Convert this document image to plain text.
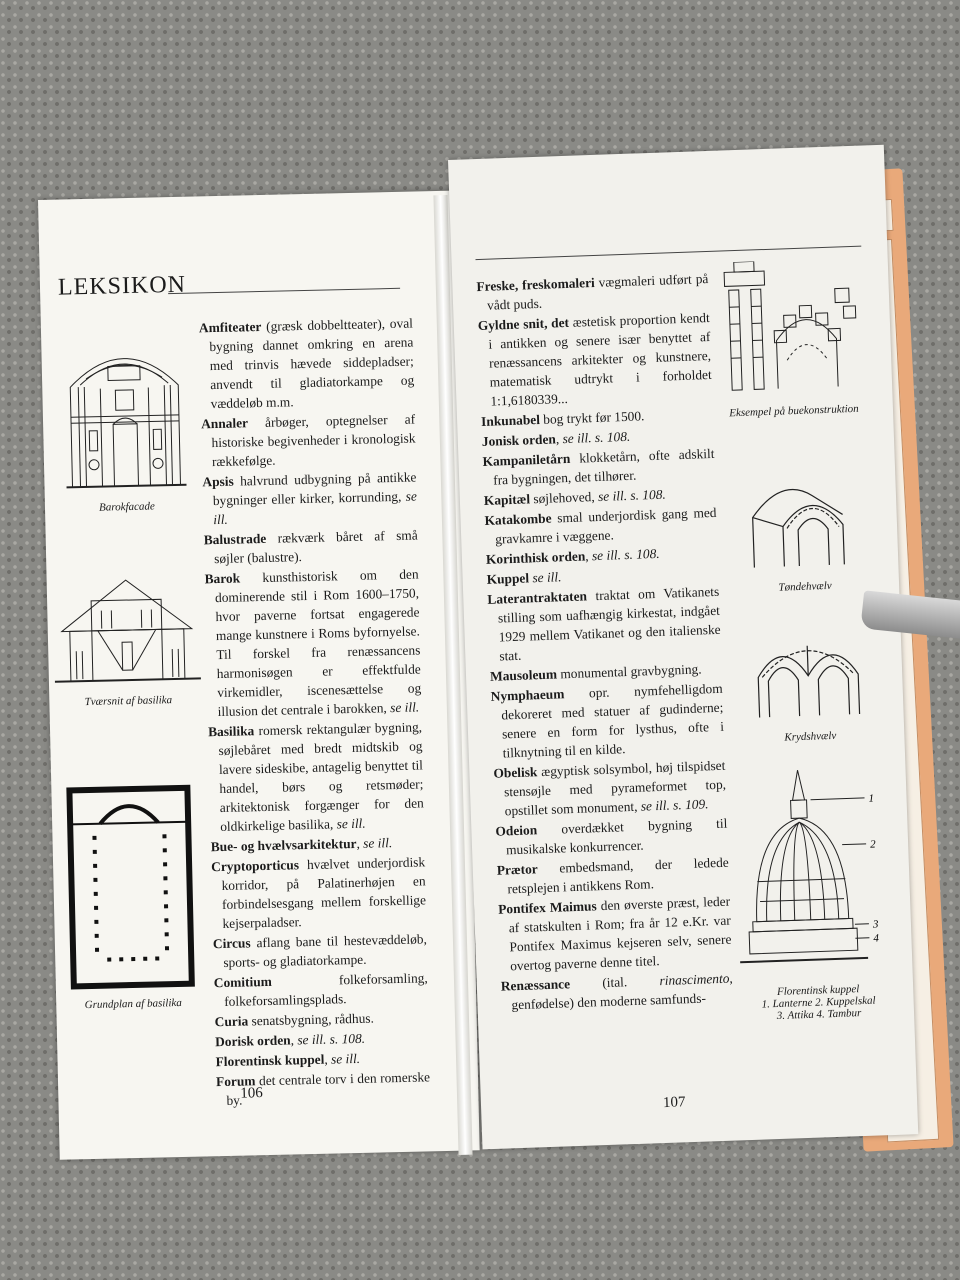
LEKSIKON
Barokfacade
Tværsnit af basilika
Grundplan af basilika

Amfiteater (græsk dobbeltteater), oval bygning dannet omkring en arena med trinvis hævede siddepladser; anvendt til gladiatorkampe og væddeløb m.m.

Annaler årbøger, optegnelser af historiske begivenheder i kronologisk rækkefølge.

Apsis halvrund udbygning på antikke bygninger eller kirker, korrunding, se ill.

Balustrade rækværk båret af små søjler (balustre).

Barok kunsthistorisk om den dominerende stil i Rom 1600–1750, hvor paverne fortsat engagerede mange kunstnere i Roms byfornyelse. Til forskel fra renæssancens harmonisøgen er effektfulde virkemidler, iscenesættelse og illusion det centrale i barokken, se ill.

Basilika romersk rektangulær bygning, søjlebåret med bredt midtskib og lavere sideskibe, antagelig benyttet til handel, børs og retsmøder; arkitektonisk forgænger for den oldkirkelige basilika, se ill.

Bue- og hvælvsarkitektur, se ill.

Cryptoporticus hvælvet underjordisk korridor, på Palatinerhøjen en forbindelsesgang mellem forskellige kejserpaladser.

Circus aflang bane til hestevæddeløb, sports- og gladiatorkampe.

Comitium folkeforsamling, folkeforsamlingsplads.

Curia senatsbygning, rådhus.

Dorisk orden, se ill. s. 108.

Florentinsk kuppel, se ill.

Forum det centrale torv i den romerske by.

106

Freske, freskomaleri vægmaleri udført på vådt puds.

Gyldne snit, det æstetisk proportion kendt i antikken og senere især benyttet af renæssancens arkitekter og kunstnere, matematisk udtrykt i forholdet 1:1,6180339...

Inkunabel bog trykt før 1500.

Jonisk orden, se ill. s. 108.

Kampaniletårn klokketårn, ofte adskilt fra bygningen, det tilhører.

Kapitæl søjlehoved, se ill. s. 108.

Katakombe smal underjordisk gang med gravkamre i væggene.

Korinthisk orden, se ill. s. 108.

Kuppel se ill.

Laterantraktaten traktat om Vatikanets stilling som uafhængig kirkestat, indgået 1929 mellem Vatikanet og den italienske stat.

Mausoleum monumental gravbygning.

Nymphaeum opr. nymfehelligdom dekoreret med statuer af gudinderne; senere en form for lysthus, ofte i tilknytning til en kilde.

Obelisk ægyptisk solsymbol, høj tilspidset stensøjle med pyrameformet top, opstillet som monument, se ill. s. 109.

Odeion overdækket bygning til musikalske konkurrencer.

Prætor embedsmand, der ledede retsplejen i antikkens Rom.

Pontifex Maimus den øverste præst, leder af statskulten i Rom; fra år 12 e.Kr. var Pontifex Maximus kejseren selv, senere overtog paverne denne titel.

Renæssance (ital. rinascimento, genfødelse) den moderne samfunds-

Eksempel på buekonstruktion
Tøndehvælv
Krydshvælv
1
2
3
4
Florentinsk kuppel
1. Lanterne 2. Kuppelskal
3. Attika 4. Tambur
107
